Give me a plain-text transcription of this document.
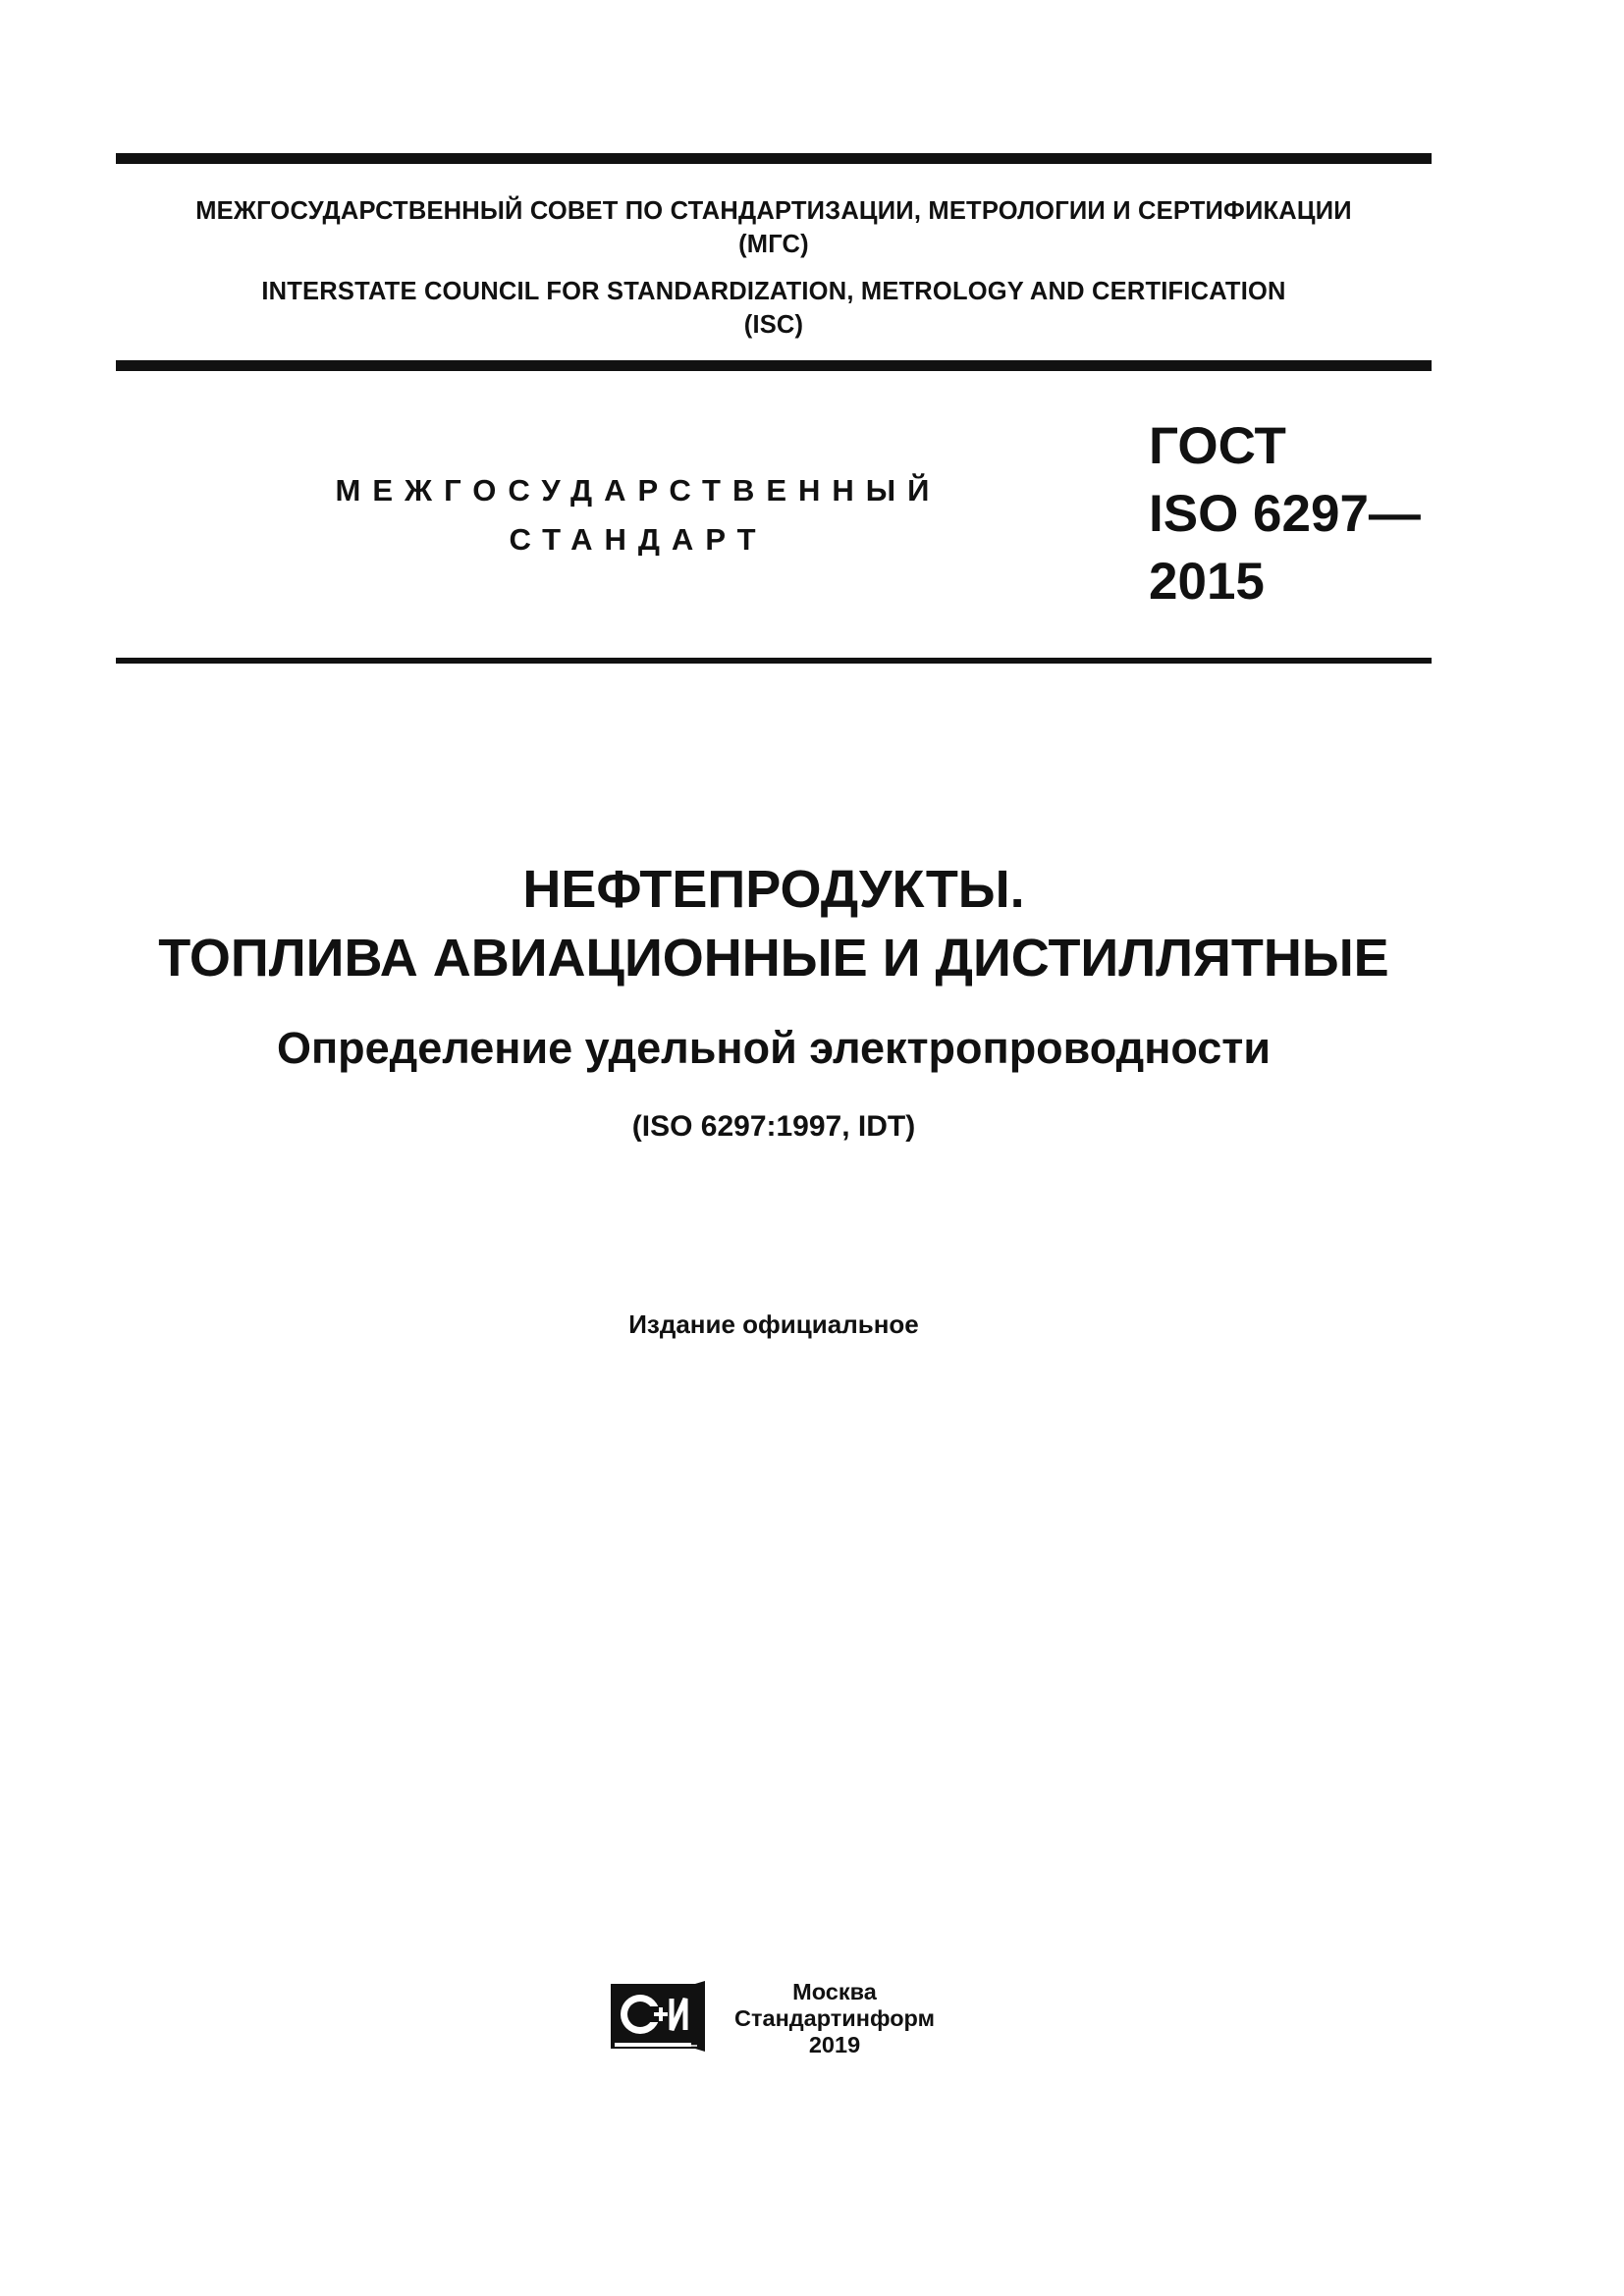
МЕЖГОСУДАРСТВЕННЫЙ СОВЕТ ПО СТАНДАРТИЗАЦИИ, МЕТРОЛОГИИ И СЕРТИФИКАЦИИ
(МГС)
INTERSTATE COUNCIL FOR STANDARDIZATION, METROLOGY AND CERTIFICATION
(ISC)
МЕЖГОСУДАРСТВЕННЫЙ
СТАНДАРТ
ГОСТ
ISO 6297—
2015
НЕФТЕПРОДУКТЫ.
ТОПЛИВА АВИАЦИОННЫЕ И ДИСТИЛЛЯТНЫЕ
Определение удельной электропроводности
(ISO 6297:1997, IDT)
Издание официальное
Москва
Стандартинформ
2019
